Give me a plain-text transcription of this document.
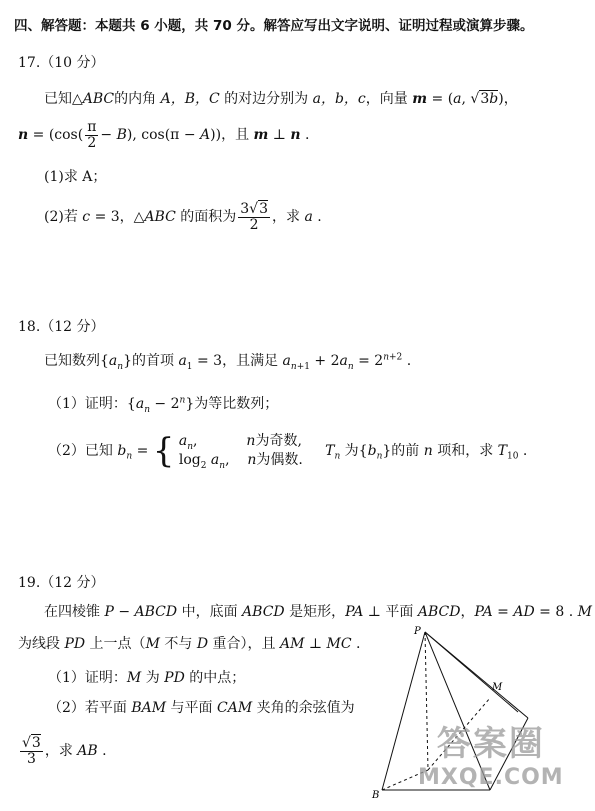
四、解答题：本题共 6 小题，共 70 分。解答应写出文字说明、证明过程或演算步骤。
17.（10 分）
已知△ABC的内角 A，B，C 的对边分别为 a，b，c，向量 m = (a, √3b)，
$n = (\cos( \frac{\pi}{2} - B)$, cos(π − A))，且 m ⊥ n .
(1)求 A；
(2)若 c = 3，△ABC 的面积为 $\frac{3√3}{2}$ ，求 a .
18.（12 分）
已知数列$\{a_n\}$的首项 $a_1 = 3$，且满足 $a_{n+1} + 2a_n = 2^{n+2}$ .
（1）证明：$\{a_n - 2^n\}$为等比数列；
（2）已知 $b_n$ = { $a_n$,           n为奇数,
$\log_2 a_n$,    n为偶数.
$T_n$ 为$\{b_n\}$的前 n 项和，求 $T_{10}$ .
19.（12 分）
在四棱锥 P − ABCD 中，底面 ABCD 是矩形，PA ⊥ 平面 ABCD，PA = AD = 8 . M
为线段 PD 上一点（M 不与 D 重合），且 AM ⊥ MC .
（1）证明：M 为 PD 的中点；
（2）若平面 BAM 与平面 CAM 夹角的余弦值为
$\frac{√3}{3}$ ，求 AB .
P
M
B
答案圈
MXQE.COM
